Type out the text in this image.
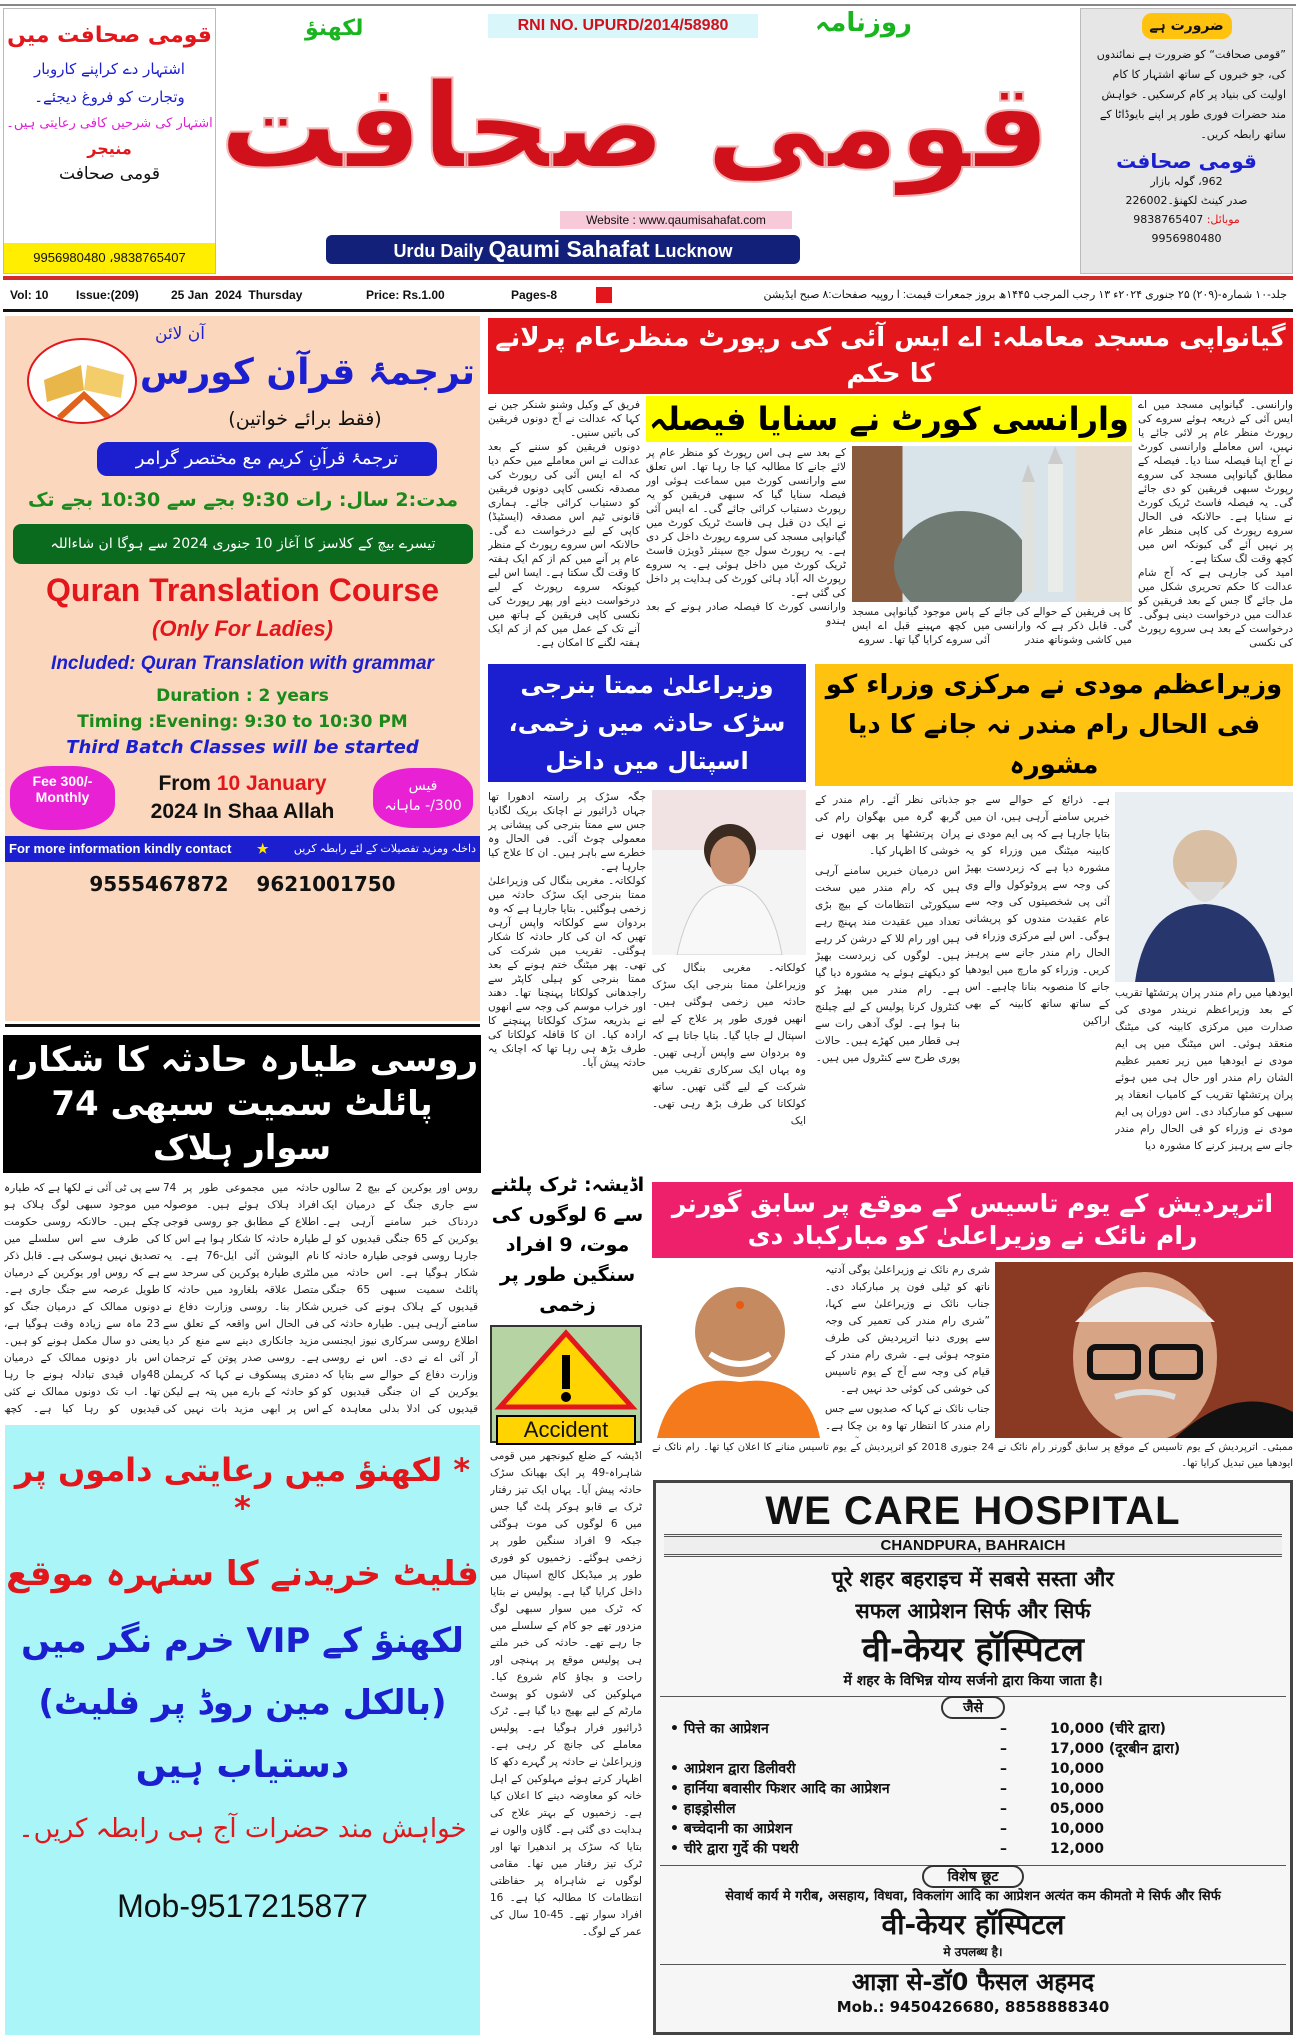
قومی صحافت میں
اشتہار دے کراپنے کاروبار
وتجارت کو فروغ دیجئے۔
اشتہار کی شرحیں کافی رعایتی ہیں۔
منیجر
قومی صحافت
9956980480 ،9838765407
RNI NO. UPURD/2014/58980
لکھنؤ	روزنامہ
قومی صحافت
Website : www.qaumisahafat.com
Urdu Daily Qaumi Sahafat Lucknow
ضرورت ہے
”قومی صحافت“ کو ضرورت ہے نمائندوں کی، جو خبروں کے ساتھ اشتہار کا کام اولیت کی بنیاد پر کام کرسکیں۔ خواہش مند حضرات فوری طور پر اپنے بایوڈاٹا کے ساتھ رابطہ کریں۔
قومی صحافت
962، گولہ بازار
صدر کینٹ لکھنؤ۔226002
موبائل: 9838765407
9956980480
Vol: 10 Issue:(209)	25 Jan  2024  Thursday	Price: Rs.1.00	Pages-8	جلد-۱۰ شمارہ-(۲۰۹) ۲۵ جنوری ۲۰۲۴ء ۱۳ رجب المرجب ۱۴۴۵ھ بروز جمعرات قیمت: ا روپیہ صفحات:۸ صبح ایڈیشن
آن لائن
ترجمۂ قرآن کورس
(فقط برائے خواتین)
ترجمۂ قرآنِ کریم مع مختصر گرامر
مدت:2 سال: رات 9:30 بجے سے 10:30 بجے تک
تیسرے بیچ کے کلاسز کا آغاز 10 جنوری 2024 سے ہوگا ان شاءاللہ
Quran Translation Course
(Only For Ladies)
Included: Quran Translation with grammar
Duration : 2 years
Timing :Evening: 9:30 to 10:30 PM
Third Batch Classes will be started
Fee 300/- Monthly
From 10 January
2024 In Shaa Allah
فیس
300/- ماہانہ
For more information kindly contact ★ داخلہ ومزید تفصیلات کے لئے رابطہ کریں
9555467872 9621001750
روسی طیارہ حادثہ کا شکار، پائلٹ سمیت سبھی 74 سوار ہلاک
روس اور یوکرین کے بیچ 2 سالوں سے جاری جنگ کے درمیان ایک دردناک خبر سامنے آرہی ہے۔ یوکرین کے 65 جنگی قیدیوں کو لے جارہا روسی فوجی طیارہ حادثہ کا شکار ہوگیا ہے۔ اس حادثہ میں پائلٹ سمیت سبھی 65 جنگی قیدیوں کے ہلاک ہونے کی خبریں سامنے آرہی ہیں۔ طیارہ حادثہ کی اطلاع روسی سرکاری نیوز ایجنسی آر آئی اے نے دی۔ اس نے روسی وزارت دفاع کے حوالے سے بتایا کہ یوکرین کے ان جنگی قیدیوں کو قیدیوں کی ادلا بدلی معاہدہ کے
حادثہ میں مجموعی طور پر 74 افراد ہلاک ہوئے ہیں۔ موصولہ اطلاع کے مطابق جو روسی فوجی طیارہ حادثہ کا شکار ہوا ہے اس کا نام الیوشن آئی ایل-76 ہے۔ یہ ملٹری طیارہ یوکرین کی سرحد سے متصل علاقہ بلغارود میں حادثہ کا شکار بنا۔ روسی وزارت دفاع نے فی الحال اس واقعہ کے تعلق سے مزید جانکاری دینے سے منع کر دیا ہے۔ روسی صدر پوتن کے ترجمان دمتری پیسکوف نے کہا کہ کریملن کو حادثہ کے بارے میں پتہ ہے لیکن اس پر ابھی مزید بات نہیں کی
سے پی ٹی آئی نے لکھا ہے کہ طیارہ میں موجود سبھی لوگ ہلاک ہو چکے ہیں۔ حالانکہ روسی حکومت کی طرف سے اس سلسلے میں تصدیق نہیں ہوسکی ہے۔ قابل ذکر ہے کہ روس اور یوکرین کے درمیان طویل عرصہ سے جنگ جاری ہے۔ دونوں ممالک کے درمیان جنگ کو 23 ماہ سے زیادہ وقت ہوگیا ہے، یعنی دو سال مکمل ہونے کو ہیں۔ اس بار دونوں ممالک کے درمیان 48واں قیدی تبادلہ ہونے جا رہا تھا۔ اب تک دونوں ممالک نے کئی قیدیوں کو رہا کیا ہے۔ کچھ
* لکھنؤ میں رعایتی داموں پر *
فلیٹ خریدنے کا سنہرہ موقع
لکھنؤ کے VIP خرم نگر میں
(بالکل مین روڈ پر فلیٹ)
دستیاب ہیں
خواہش مند حضرات آج ہی رابطہ کریں۔
Mob-9517215877
گیانواپی مسجد معاملہ: اے ایس آئی کی رپورٹ منظرعام پرلانے کا حکم
وارانسی کورٹ نے سنایا فیصلہ

فریق کے وکیل وشنو شنکر جین نے کہا کہ عدالت نے آج دونوں فریقین کی باتیں سنیں۔

دونوں فریقین کو سننے کے بعد عدالت نے اس معاملے میں حکم دیا کہ اے ایس آئی کی رپورٹ کی مصدقہ نکسی کاپی دونوں فریقین کو دستیاب کرائی جائے۔ ہماری قانونی ٹیم اس مصدقہ (ایسٹیڈ) کاپی کے لیے درخواست دے گی۔ حالانکہ اس سروے رپورٹ کے منظر عام پر آنے میں کم از کم ایک ہفتہ کا وقت لگ سکتا ہے۔ ایسا اس لیے کیونکہ سروے رپورٹ کے لیے درخواست دینے اور پھر رپورٹ کی نکسی کاپی فریقین کے ہاتھ میں آنے تک کے عمل میں کم از کم ایک ہفتہ لگنے کا امکان ہے۔

کے بعد سے ہی اس رپورٹ کو منظر عام پر لائے جانے کا مطالبہ کیا جا رہا تھا۔ اس تعلق سے وارانسی کورٹ میں سماعت ہوئی اور فیصلہ سنایا گیا کہ سبھی فریقین کو یہ رپورٹ دستیاب کرائی جائے گی۔ اے ایس آئی نے ایک دن قبل ہی فاسٹ ٹریک کورٹ میں گیانواپی مسجد کی سروے رپورٹ داخل کر دی ہے۔ یہ رپورٹ سول جج سینئر ڈویژن فاسٹ ٹریک کورٹ میں داخل ہوئی ہے۔ یہ سروے رپورٹ الہ آباد ہائی کورٹ کی ہدایت پر داخل کی گئی ہے۔

وارانسی کورٹ کا فیصلہ صادر ہونے کے بعد ہندو

کا پی فریقین کے حوالے کی جائے گی۔ قابل ذکر ہے کہ وارانسی میں کاشی وشوناتھ مندر
کے پاس موجود گیانواپی مسجد میں کچھ مہینے قبل اے ایس آئی سروے کرایا گیا تھا۔ سروے

وارانسی۔ گیانواپی مسجد میں اے ایس آئی کے ذریعہ ہوئے سروے کی رپورٹ منظر عام پر لائی جائے یا نہیں، اس معاملے وارانسی کورٹ نے آج اپنا فیصلہ سنا دیا۔ فیصلہ کے مطابق گیانواپی مسجد کی سروے رپورٹ سبھی فریقین کو دی جائے گی۔ یہ فیصلہ فاسٹ ٹریک کورٹ نے سنایا ہے۔ حالانکہ فی الحال سروے رپورٹ کی کاپی منظر عام پر نہیں آئے گی کیونکہ اس میں کچھ وقت لگ سکتا ہے۔

امید کی جارہی ہے کہ آج شام عدالت کا حکم تحریری شکل میں مل جائے گا جس کے بعد فریقین کو عدالت میں درخواست دینی ہوگی۔ درخواست کے بعد ہی سروے رپورٹ کی نکسی

وزیراعلیٰ ممتا بنرجی سڑک حادثہ میں زخمی، اسپتال میں داخل

جگہ سڑک پر راستہ ادھورا تھا جہاں ڈرائیور نے اچانک بریک لگادیا جس سے ممتا بنرجی کی پیشانی پر معمولی چوٹ آئی۔ فی الحال وہ خطرے سے باہر ہیں۔ ان کا علاج کیا جارہا ہے۔

کولکاتہ۔ مغربی بنگال کی وزیراعلیٰ ممتا بنرجی ایک سڑک حادثہ میں زخمی ہوگئیں۔ بتایا جارہا ہے کہ وہ بردوان سے کولکاتہ واپس آرہی تھیں کہ ان کی کار حادثہ کا شکار ہوگئی۔ تقریب میں شرکت کی تھی۔ پھر میٹنگ ختم ہونے کے بعد ممتا بنرجی کو ہیلی کاپٹر سے راجدھانی کولکاتا پہنچنا تھا۔ دھند اور خراب موسم کی وجہ سے انھوں نے بذریعہ سڑک کولکاتا پہنچنے کا ارادہ کیا۔ ان کا قافلہ کولکاتا کی طرف بڑھ ہی رہا تھا کہ اچانک یہ حادثہ پیش آیا۔

کولکاتہ۔ مغربی بنگال کی وزیراعلیٰ ممتا بنرجی ایک سڑک حادثہ میں زخمی ہوگئی ہیں۔ انھیں فوری طور پر علاج کے لیے اسپتال لے جایا گیا۔ بتایا جاتا ہے کہ وہ بردوان سے واپس آرہی تھیں۔ وہ یہاں ایک سرکاری تقریب میں شرکت کے لیے گئی تھیں۔ ساتھ کولکاتا کی طرف بڑھ رہی تھی۔ ایک
وزیراعظم مودی نے مرکزی وزراء کو فی الحال رام مندر نہ جانے کا دیا مشورہ

جذباتی نظر آئے۔ رام مندر کے گربھ گرہ میں بھگوان رام کی پران پرتشٹھا پر بھی انھوں نے خوشی کا اظہار کیا۔

اس درمیان خبریں سامنے آرہی ہیں کہ رام مندر میں سخت سیکورٹی انتظامات کے بیچ بڑی تعداد میں عقیدت مند پہنچ رہے ہیں اور رام للا کے درشن کر رہے ہیں۔ لوگوں کی زبردست بھیڑ کو دیکھتے ہوئے یہ مشورہ دیا گیا ہے۔ رام مندر میں بھیڑ کو کنٹرول کرنا پولیس کے لیے چیلنج بنا ہوا ہے۔ لوگ آدھی رات سے ہی قطار میں کھڑے ہیں۔ حالات پوری طرح سے کنٹرول میں ہیں۔

ہے۔ ذرائع کے حوالے سے جو خبریں سامنے آرہی ہیں، ان میں بتایا جارہا ہے کہ پی ایم مودی نے کابینہ میٹنگ میں وزراء کو یہ مشورہ دیا ہے کہ زبردست بھیڑ کی وجہ سے پروٹوکول والے وی آئی پی شخصیتوں کی وجہ سے عام عقیدت مندوں کو پریشانی ہوگی۔ اس لیے مرکزی وزراء فی الحال رام مندر جانے سے پرہیز کریں۔ وزراء کو مارچ میں ایودھیا جانے کا منصوبہ بنانا چاہیے۔ اس کے ساتھ ساتھ کابینہ کے بھی اراکین
ایودھیا میں رام مندر پران پرتشٹھا تقریب کے بعد وزیراعظم نریندر مودی کی صدارت میں مرکزی کابینہ کی میٹنگ منعقد ہوئی۔ اس میٹنگ میں پی ایم مودی نے ایودھیا میں زیر تعمیر عظیم الشان رام مندر اور حال ہی میں ہوئے پران پرتشٹھا تقریب کے کامیاب انعقاد پر سبھی کو مبارکباد دی۔ اس دوران پی ایم مودی نے وزراء کو فی الحال رام مندر جانے سے پرہیز کرنے کا مشورہ دیا
اڈیشہ: ٹرک پلٹنے سے 6 لوگوں کی موت، 9 افراد سنگین طور پر زخمی
Accident
اڈیشہ کے ضلع کیونجھر میں قومی شاہراہ-49 پر ایک بھیانک سڑک حادثہ پیش آیا۔ یہاں ایک تیز رفتار ٹرک بے قابو ہوکر پلٹ گیا جس میں 6 لوگوں کی موت ہوگئی جبکہ 9 افراد سنگین طور پر زخمی ہوگئے۔ زخمیوں کو فوری طور پر میڈیکل کالج اسپتال میں داخل کرایا گیا ہے۔ پولیس نے بتایا کہ ٹرک میں سوار سبھی لوگ مزدور تھے جو کام کے سلسلے میں جا رہے تھے۔ حادثہ کی خبر ملتے ہی پولیس موقع پر پہنچی اور راحت و بچاؤ کام شروع کیا۔ مہلوکین کی لاشوں کو پوسٹ مارٹم کے لیے بھیج دیا گیا ہے۔ ٹرک ڈرائیور فرار ہوگیا ہے۔ پولیس معاملے کی جانچ کر رہی ہے۔ وزیراعلیٰ نے حادثہ پر گہرے دکھ کا اظہار کرتے ہوئے مہلوکین کے اہل خانہ کو معاوضہ دینے کا اعلان کیا ہے۔ زخمیوں کے بہتر علاج کی ہدایت دی گئی ہے۔ گاؤں والوں نے بتایا کہ سڑک پر اندھیرا تھا اور ٹرک تیز رفتار میں تھا۔ مقامی لوگوں نے شاہراہ پر حفاظتی انتظامات کا مطالبہ کیا ہے۔ 16 افراد سوار تھے۔ 45-10 سال کی عمر کے لوگ۔
اترپردیش کے یوم تاسیس کے موقع پر سابق گورنر رام نائک نے وزیراعلیٰ کو مبارکباد دی

شری رم نائک نے وزیراعلیٰ یوگی آدتیہ ناتھ کو ٹیلی فون پر مبارکباد دی۔ جناب نائک نے وزیراعلیٰ سے کہا، ”شری رام مندر کی تعمیر کی وجہ سے پوری دنیا اترپردیش کی طرف متوجہ ہوئی ہے۔ شری رام مندر کے قیام کی وجہ سے آج کے یوم تاسیس کی خوشی کی کوئی حد نہیں ہے۔

جناب نائک نے کہا کہ صدیوں سے جس رام مندر کا انتظار تھا وہ بن چکا ہے۔

ممبئی۔ اترپردیش کے یوم تاسیس کے موقع پر سابق گورنر رام نائک نے 24 جنوری 2018 کو اترپردیش کے یوم تاسیس منانے کا اعلان کیا تھا۔ رام نائک نے ایودھیا میں تبدیل کرایا تھا۔
WE CARE HOSPITAL
CHANDPURA, BAHRAICH
पूरे शहर बहराइच में सबसे सस्ता और
सफल आप्रेशन सिर्फ और सिर्फ
वी-केयर हॉस्पिटल
में शहर के विभिन्न योग्य सर्जनो द्वारा किया जाता है।
जैसे
• पित्ते का आप्रेशन	–	10,000 (चीरे द्वारा)
–	17,000 (दूरबीन द्वारा)
• आप्रेशन द्वारा डिलीवरी	–	10,000
• हार्निया बवासीर फिशर आदि का आप्रेशन	–	10,000
• हाइड्रोसील	–	05,000
• बच्चेदानी का आप्रेशन	–	10,000
• चीरे द्वारा गुर्दे की पथरी	–	12,000
विशेष छूट
सेवार्थ कार्य मे गरीब, असहाय, विधवा, विकलांग आदि का आप्रेशन अत्यंत कम कीमतो मे सिर्फ और सिर्फ
वी-केयर हॉस्पिटल
मे उपलब्ध है।
आज्ञा से-डॉ0 फैसल अहमद
Mob.: 9450426680, 8858888340
